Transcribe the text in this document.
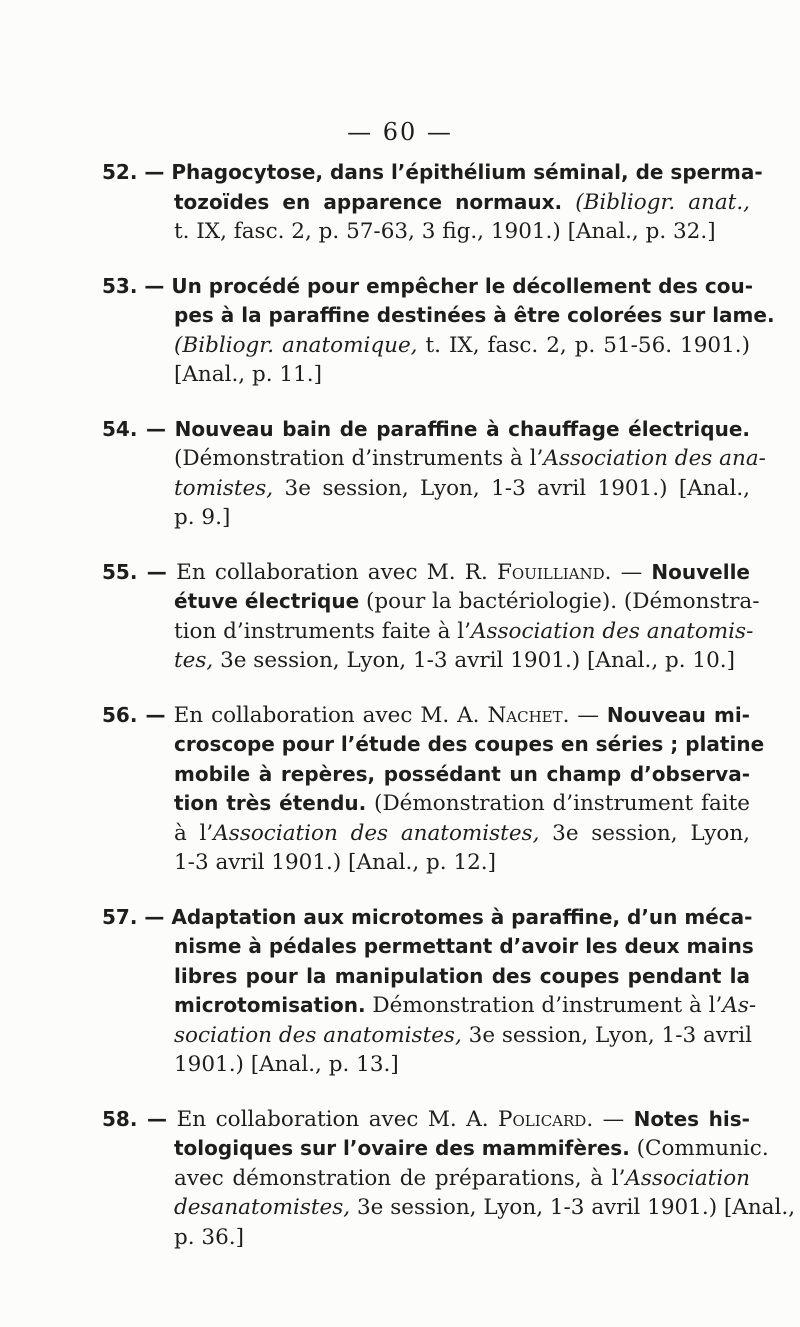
— 60 —
52. — Phagocytose, dans l’épithélium séminal, de sperma-
tozoïdes en apparence normaux. (Bibliogr. anat.,
t. IX, fasc. 2, p. 57-63, 3 fig., 1901.) [Anal., p. 32.]
53. — Un procédé pour empêcher le décollement des cou-
pes à la paraffine destinées à être colorées sur lame.
(Bibliogr. anatomique, t. IX, fasc. 2, p. 51-56. 1901.)
[Anal., p. 11.]
54. — Nouveau bain de paraffine à chauffage électrique.
(Démonstration d’instruments à l’Association des ana-
tomistes, 3e session, Lyon, 1-3 avril 1901.) [Anal.,
p. 9.]
55. — En collaboration avec M. R. Fouilliand. — Nouvelle
étuve électrique (pour la bactériologie). (Démonstra-
tion d’instruments faite à l’Association des anatomis-
tes, 3e session, Lyon, 1-3 avril 1901.) [Anal., p. 10.]
56. — En collaboration avec M. A. Nachet. — Nouveau mi-
croscope pour l’étude des coupes en séries ; platine
mobile à repères, possédant un champ d’observa-
tion très étendu. (Démonstration d’instrument faite
à l’Association des anatomistes, 3e session, Lyon,
1-3 avril 1901.) [Anal., p. 12.]
57. — Adaptation aux microtomes à paraffine, d’un méca-
nisme à pédales permettant d’avoir les deux mains
libres pour la manipulation des coupes pendant la
microtomisation. Démonstration d’instrument à l’As-
sociation des anatomistes, 3e session, Lyon, 1-3 avril
1901.) [Anal., p. 13.]
58. — En collaboration avec M. A. Policard. — Notes his-
tologiques sur l’ovaire des mammifères. (Communic.
avec démonstration de préparations, à l’Association
desanatomistes, 3e session, Lyon, 1-3 avril 1901.) [Anal.,
p. 36.]
